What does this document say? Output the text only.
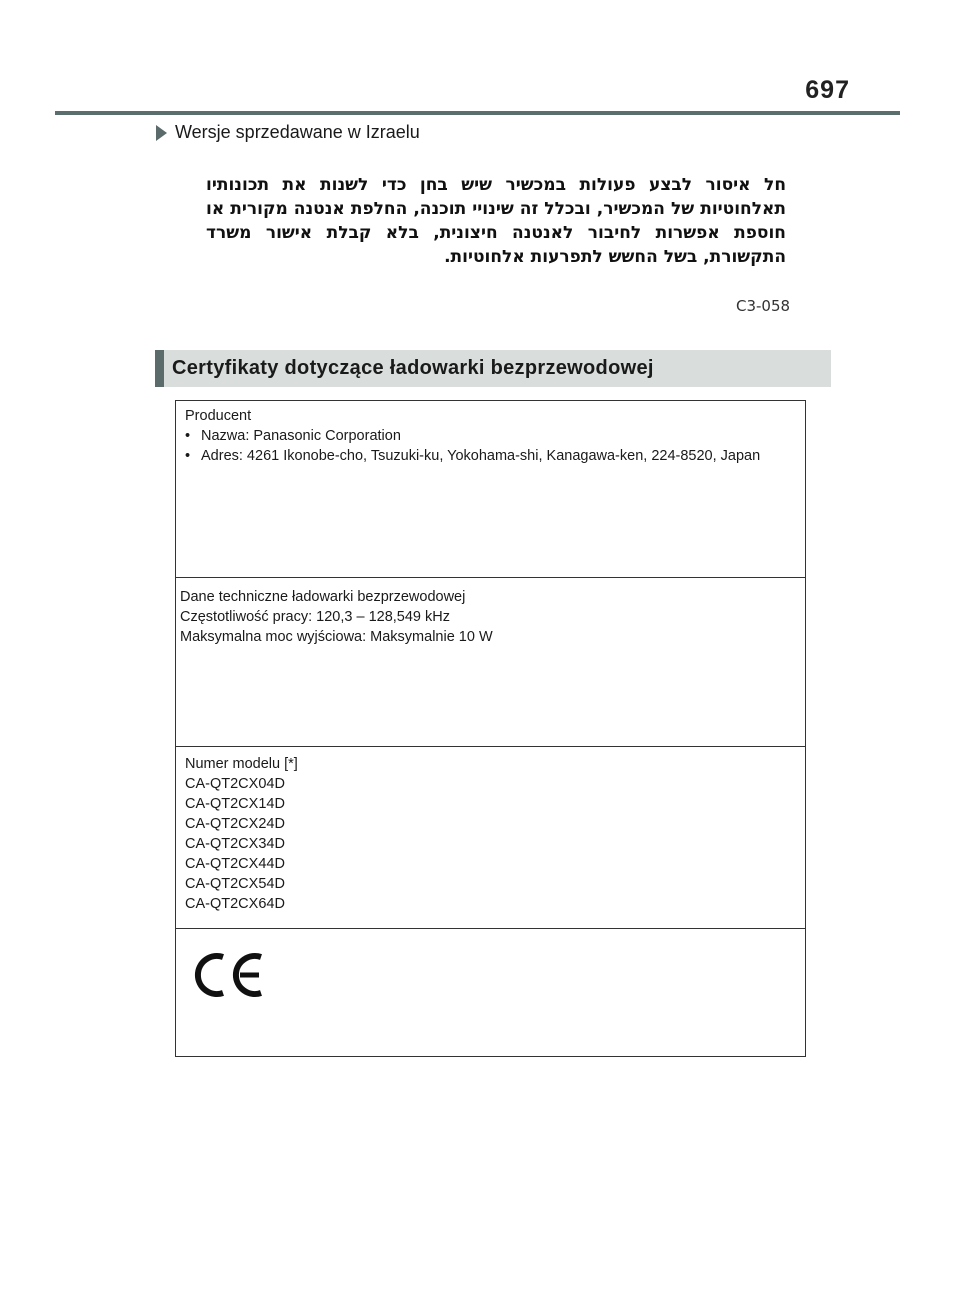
697
Wersje sprzedawane w Izraelu
חל איסור לבצע פעולות במכשיר שיש בחן כדי לשנות את תכונותיו תאלחוטיות של המכשיר, ובכלל זה שינויי תוכנה, החלפת אנטנה מקורית או חוספת אפשרות לחיבור לאנטנה חיצונית, בלא קבלת אישור משרד התקשורת, בשל החשש לתפרעות אלחוטיות.
C3-058
Certyfikaty dotyczące ładowarki bezprzewodowej
Producent
• Nazwa: Panasonic Corporation
• Adres: 4261 Ikonobe-cho, Tsuzuki-ku, Yokohama-shi, Kanagawa-ken, 224-8520, Japan
Dane techniczne ładowarki bezprzewodowej
Częstotliwość pracy: 120,3 – 128,549 kHz
Maksymalna moc wyjściowa: Maksymalnie 10 W
Numer modelu [*]
CA-QT2CX04D
CA-QT2CX14D
CA-QT2CX24D
CA-QT2CX34D
CA-QT2CX44D
CA-QT2CX54D
CA-QT2CX64D
